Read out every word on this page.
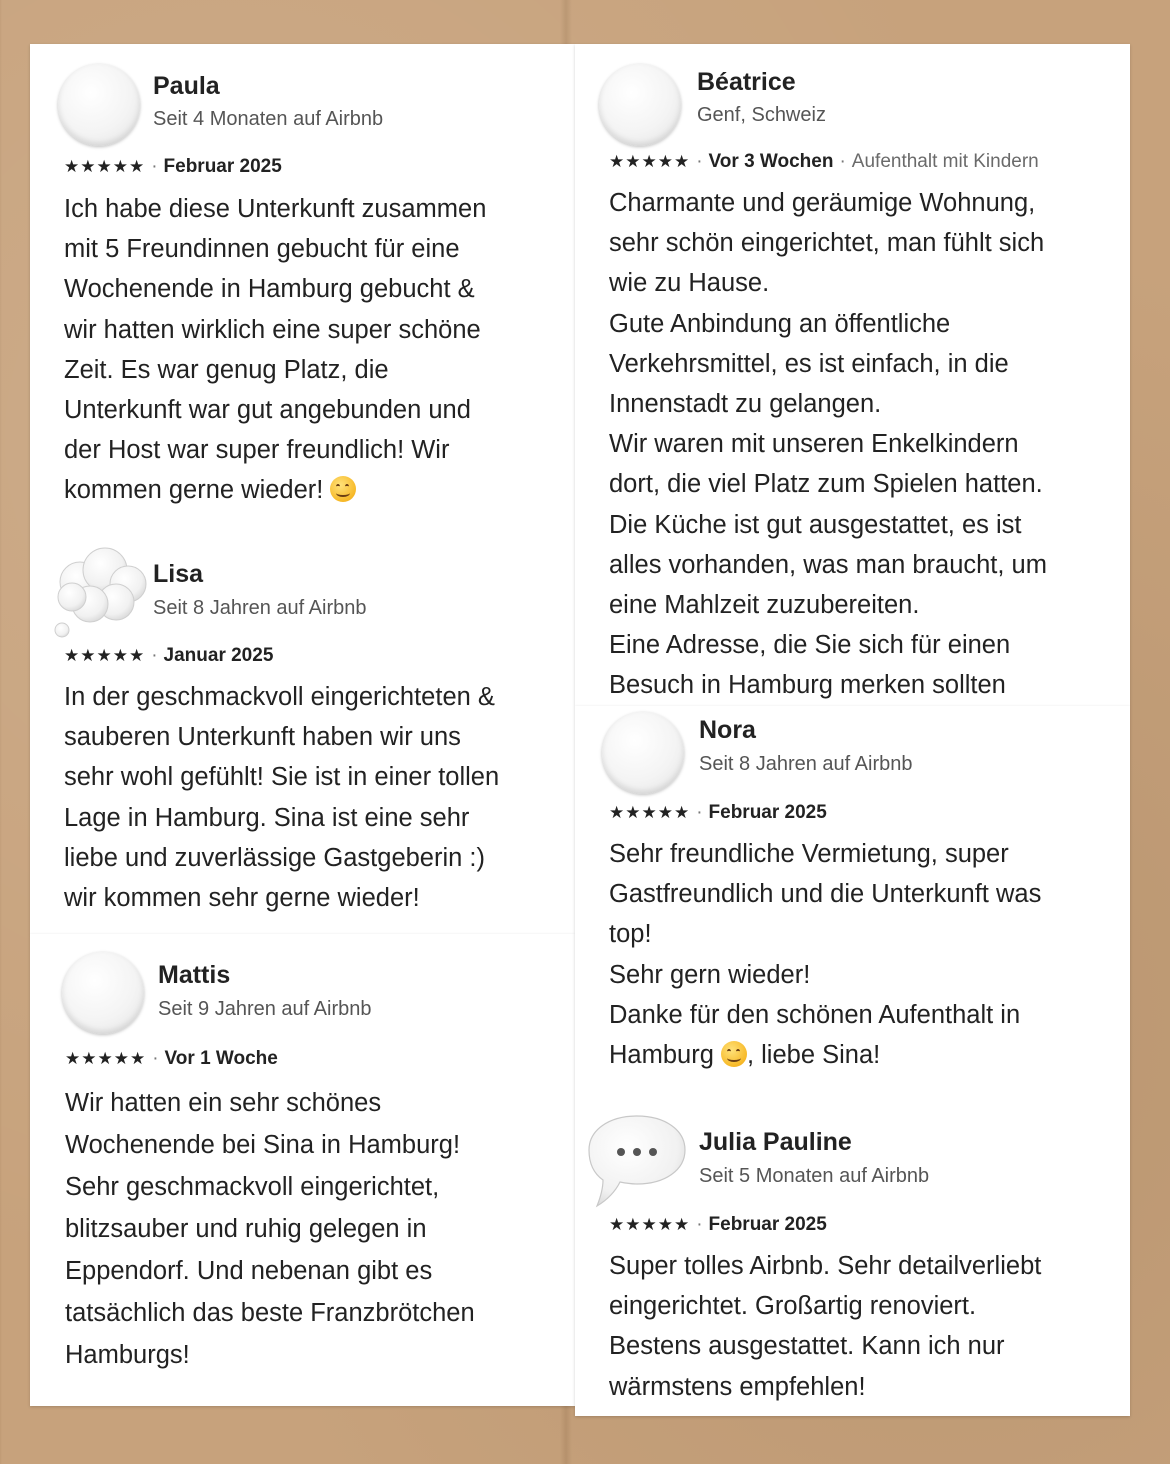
Paula
Seit 4 Monaten auf Airbnb
★★★★★ · Februar 2025
Ich habe diese Unterkunft zusammen
mit 5 Freundinnen gebucht für eine
Wochenende in Hamburg gebucht &
wir hatten wirklich eine super schöne
Zeit. Es war genug Platz, die
Unterkunft war gut angebunden und
der Host war super freundlich! Wir
kommen gerne wieder!
Lisa
Seit 8 Jahren auf Airbnb
★★★★★ · Januar 2025
In der geschmackvoll eingerichteten &
sauberen Unterkunft haben wir uns
sehr wohl gefühlt! Sie ist in einer tollen
Lage in Hamburg. Sina ist eine sehr
liebe und zuverlässige Gastgeberin :)
wir kommen sehr gerne wieder!
Mattis
Seit 9 Jahren auf Airbnb
★★★★★ · Vor 1 Woche
Wir hatten ein sehr schönes
Wochenende bei Sina in Hamburg!
Sehr geschmackvoll eingerichtet,
blitzsauber und ruhig gelegen in
Eppendorf. Und nebenan gibt es
tatsächlich das beste Franzbrötchen
Hamburgs!
Béatrice
Genf, Schweiz
★★★★★ · Vor 3 Wochen · Aufenthalt mit Kindern
Charmante und geräumige Wohnung,
sehr schön eingerichtet, man fühlt sich
wie zu Hause.
Gute Anbindung an öffentliche
Verkehrsmittel, es ist einfach, in die
Innenstadt zu gelangen.
Wir waren mit unseren Enkelkindern
dort, die viel Platz zum Spielen hatten.
Die Küche ist gut ausgestattet, es ist
alles vorhanden, was man braucht, um
eine Mahlzeit zuzubereiten.
Eine Adresse, die Sie sich für einen
Besuch in Hamburg merken sollten
Nora
Seit 8 Jahren auf Airbnb
★★★★★ · Februar 2025
Sehr freundliche Vermietung, super
Gastfreundlich und die Unterkunft was
top!
Sehr gern wieder!
Danke für den schönen Aufenthalt in
Hamburg
, liebe Sina!
Julia Pauline
Seit 5 Monaten auf Airbnb
★★★★★ · Februar 2025
Super tolles Airbnb. Sehr detailverliebt
eingerichtet. Großartig renoviert.
Bestens ausgestattet. Kann ich nur
wärmstens empfehlen!
